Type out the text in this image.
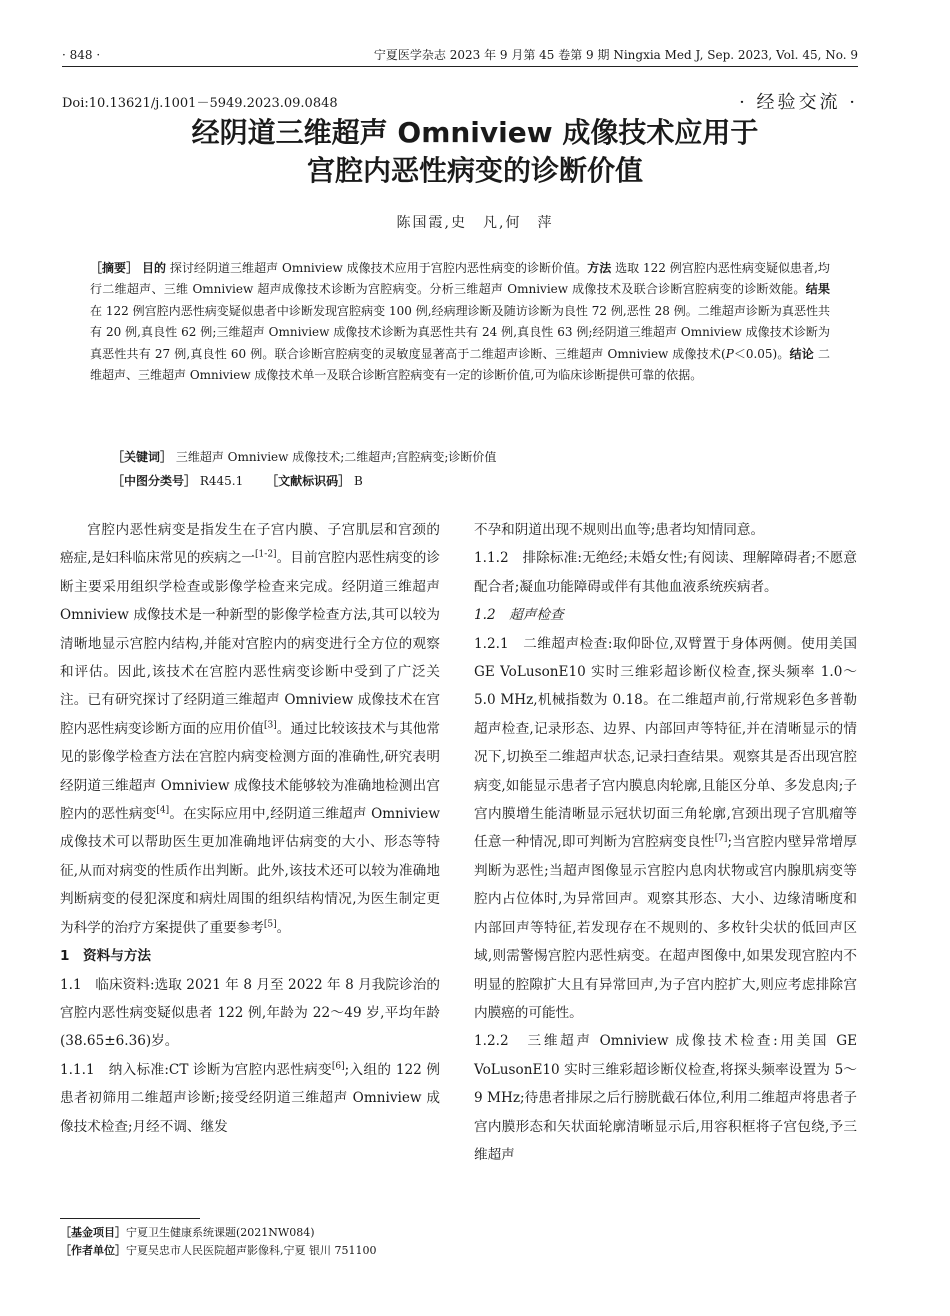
· 848 ·	宁夏医学杂志 2023 年 9 月第 45 卷第 9 期 Ningxia Med J, Sep. 2023, Vol. 45, No. 9
Doi:10.13621/j.1001－5949.2023.09.0848	· 经验交流 ·
经阴道三维超声 Omniview 成像技术应用于
宫腔内恶性病变的诊断价值
陈国霞,史　凡,何　萍
［摘要］ 目的 探讨经阴道三维超声 Omniview 成像技术应用于宫腔内恶性病变的诊断价值。方法 选取 122 例宫腔内恶性病变疑似患者,均行二维超声、三维 Omniview 超声成像技术诊断为宫腔病变。分析三维超声 Omniview 成像技术及联合诊断宫腔病变的诊断效能。结果 在 122 例宫腔内恶性病变疑似患者中诊断发现宫腔病变 100 例,经病理诊断及随访诊断为良性 72 例,恶性 28 例。二维超声诊断为真恶性共有 20 例,真良性 62 例;三维超声 Omniview 成像技术诊断为真恶性共有 24 例,真良性 63 例;经阴道三维超声 Omniview 成像技术诊断为真恶性共有 27 例,真良性 60 例。联合诊断宫腔病变的灵敏度显著高于二维超声诊断、三维超声 Omniview 成像技术(P＜0.05)。结论 二维超声、三维超声 Omniview 成像技术单一及联合诊断宫腔病变有一定的诊断价值,可为临床诊断提供可靠的依据。
［关键词］ 三维超声 Omniview 成像技术;二维超声;宫腔病变;诊断价值
［中图分类号］ R445.1 ［文献标识码］ B

宫腔内恶性病变是指发生在子宫内膜、子宫肌层和宫颈的癌症,是妇科临床常见的疾病之一[1-2]。目前宫腔内恶性病变的诊断主要采用组织学检查或影像学检查来完成。经阴道三维超声 Omniview 成像技术是一种新型的影像学检查方法,其可以较为清晰地显示宫腔内结构,并能对宫腔内的病变进行全方位的观察和评估。因此,该技术在宫腔内恶性病变诊断中受到了广泛关注。已有研究探讨了经阴道三维超声 Omniview 成像技术在宫腔内恶性病变诊断方面的应用价值[3]。通过比较该技术与其他常见的影像学检查方法在宫腔内病变检测方面的准确性,研究表明经阴道三维超声 Omniview 成像技术能够较为准确地检测出宫腔内的恶性病变[4]。在实际应用中,经阴道三维超声 Omniview 成像技术可以帮助医生更加准确地评估病变的大小、形态等特征,从而对病变的性质作出判断。此外,该技术还可以较为准确地判断病变的侵犯深度和病灶周围的组织结构情况,为医生制定更为科学的治疗方案提供了重要参考[5]。

1　资料与方法

1.1　临床资料:选取 2021 年 8 月至 2022 年 8 月我院诊治的宫腔内恶性病变疑似患者 122 例,年龄为 22～49 岁,平均年龄(38.65±6.36)岁。

1.1.1　纳入标准:CT 诊断为宫腔内恶性病变[6];入组的 122 例患者初筛用二维超声诊断;接受经阴道三维超声 Omniview 成像技术检查;月经不调、继发

不孕和阴道出现不规则出血等;患者均知情同意。

1.1.2　排除标准:无绝经;未婚女性;有阅读、理解障碍者;不愿意配合者;凝血功能障碍或伴有其他血液系统疾病者。

1.2　超声检查

1.2.1　二维超声检查:取仰卧位,双臂置于身体两侧。使用美国 GE VoLusonE10 实时三维彩超诊断仪检查,探头频率 1.0～5.0 MHz,机械指数为 0.18。在二维超声前,行常规彩色多普勒超声检查,记录形态、边界、内部回声等特征,并在清晰显示的情况下,切换至二维超声状态,记录扫查结果。观察其是否出现宫腔病变,如能显示患者子宫内膜息肉轮廓,且能区分单、多发息肉;子宫内膜增生能清晰显示冠状切面三角轮廓,宫颈出现子宫肌瘤等任意一种情况,即可判断为宫腔病变良性[7];当宫腔内壁异常增厚判断为恶性;当超声图像显示宫腔内息肉状物或宫内腺肌病变等腔内占位体时,为异常回声。观察其形态、大小、边缘清晰度和内部回声等特征,若发现存在不规则的、多枚针尖状的低回声区域,则需警惕宫腔内恶性病变。在超声图像中,如果发现宫腔内不明显的腔隙扩大且有异常回声,为子宫内腔扩大,则应考虑排除宫内膜癌的可能性。

1.2.2　三维超声 Omniview 成像技术检查:用美国 GE VoLusonE10 实时三维彩超诊断仪检查,将探头频率设置为 5～9 MHz;待患者排尿之后行膀胱截石体位,利用二维超声将患者子宫内膜形态和矢状面轮廓清晰显示后,用容积框将子宫包绕,予三维超声

［基金项目］宁夏卫生健康系统课题(2021NW084)
［作者单位］宁夏吴忠市人民医院超声影像科,宁夏 银川 751100
